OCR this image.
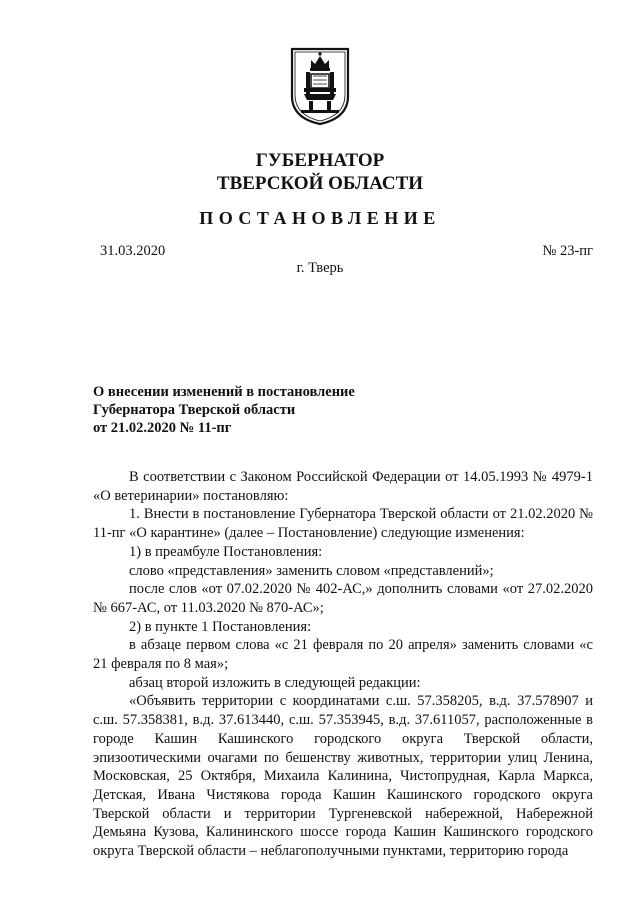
ГУБЕРНАТОР
ТВЕРСКОЙ ОБЛАСТИ
ПОСТАНОВЛЕНИЕ
31.03.2020	№ 23-пг
г. Тверь
О внесении изменений в постановление
Губернатора Тверской области
от 21.02.2020 № 11-пг

В соответствии с Законом Российской Федерации от 14.05.1993 № 4979-1 «О ветеринарии» постановляю:

1. Внести в постановление Губернатора Тверской области от 21.02.2020 № 11-пг «О карантине» (далее – Постановление) следующие изменения:

1) в преамбуле Постановления:

слово «представления» заменить словом «представлений»;

после слов «от 07.02.2020 № 402-АС,» дополнить словами «от 27.02.2020 № 667-АС, от 11.03.2020 № 870-АС»;

2) в пункте 1 Постановления:

в абзаце первом слова «с 21 февраля по 20 апреля» заменить словами «с 21 февраля по 8 мая»;

абзац второй изложить в следующей редакции:

«Объявить территории с координатами с.ш. 57.358205, в.д. 37.578907 и с.ш. 57.358381, в.д. 37.613440, с.ш. 57.353945, в.д. 37.611057, расположенные в городе Кашин Кашинского городского округа Тверской области, эпизоотическими очагами по бешенству животных, территории улиц Ленина, Московская, 25 Октября, Михаила Калинина, Чистопрудная, Карла Маркса, Детская, Ивана Чистякова города Кашин Кашинского городского округа Тверской области и территории Тургеневской набережной, Набережной Демьяна Кузова, Калининского шоссе города Кашин Кашинского городского округа Тверской области – неблагополучными пунктами, территорию города
